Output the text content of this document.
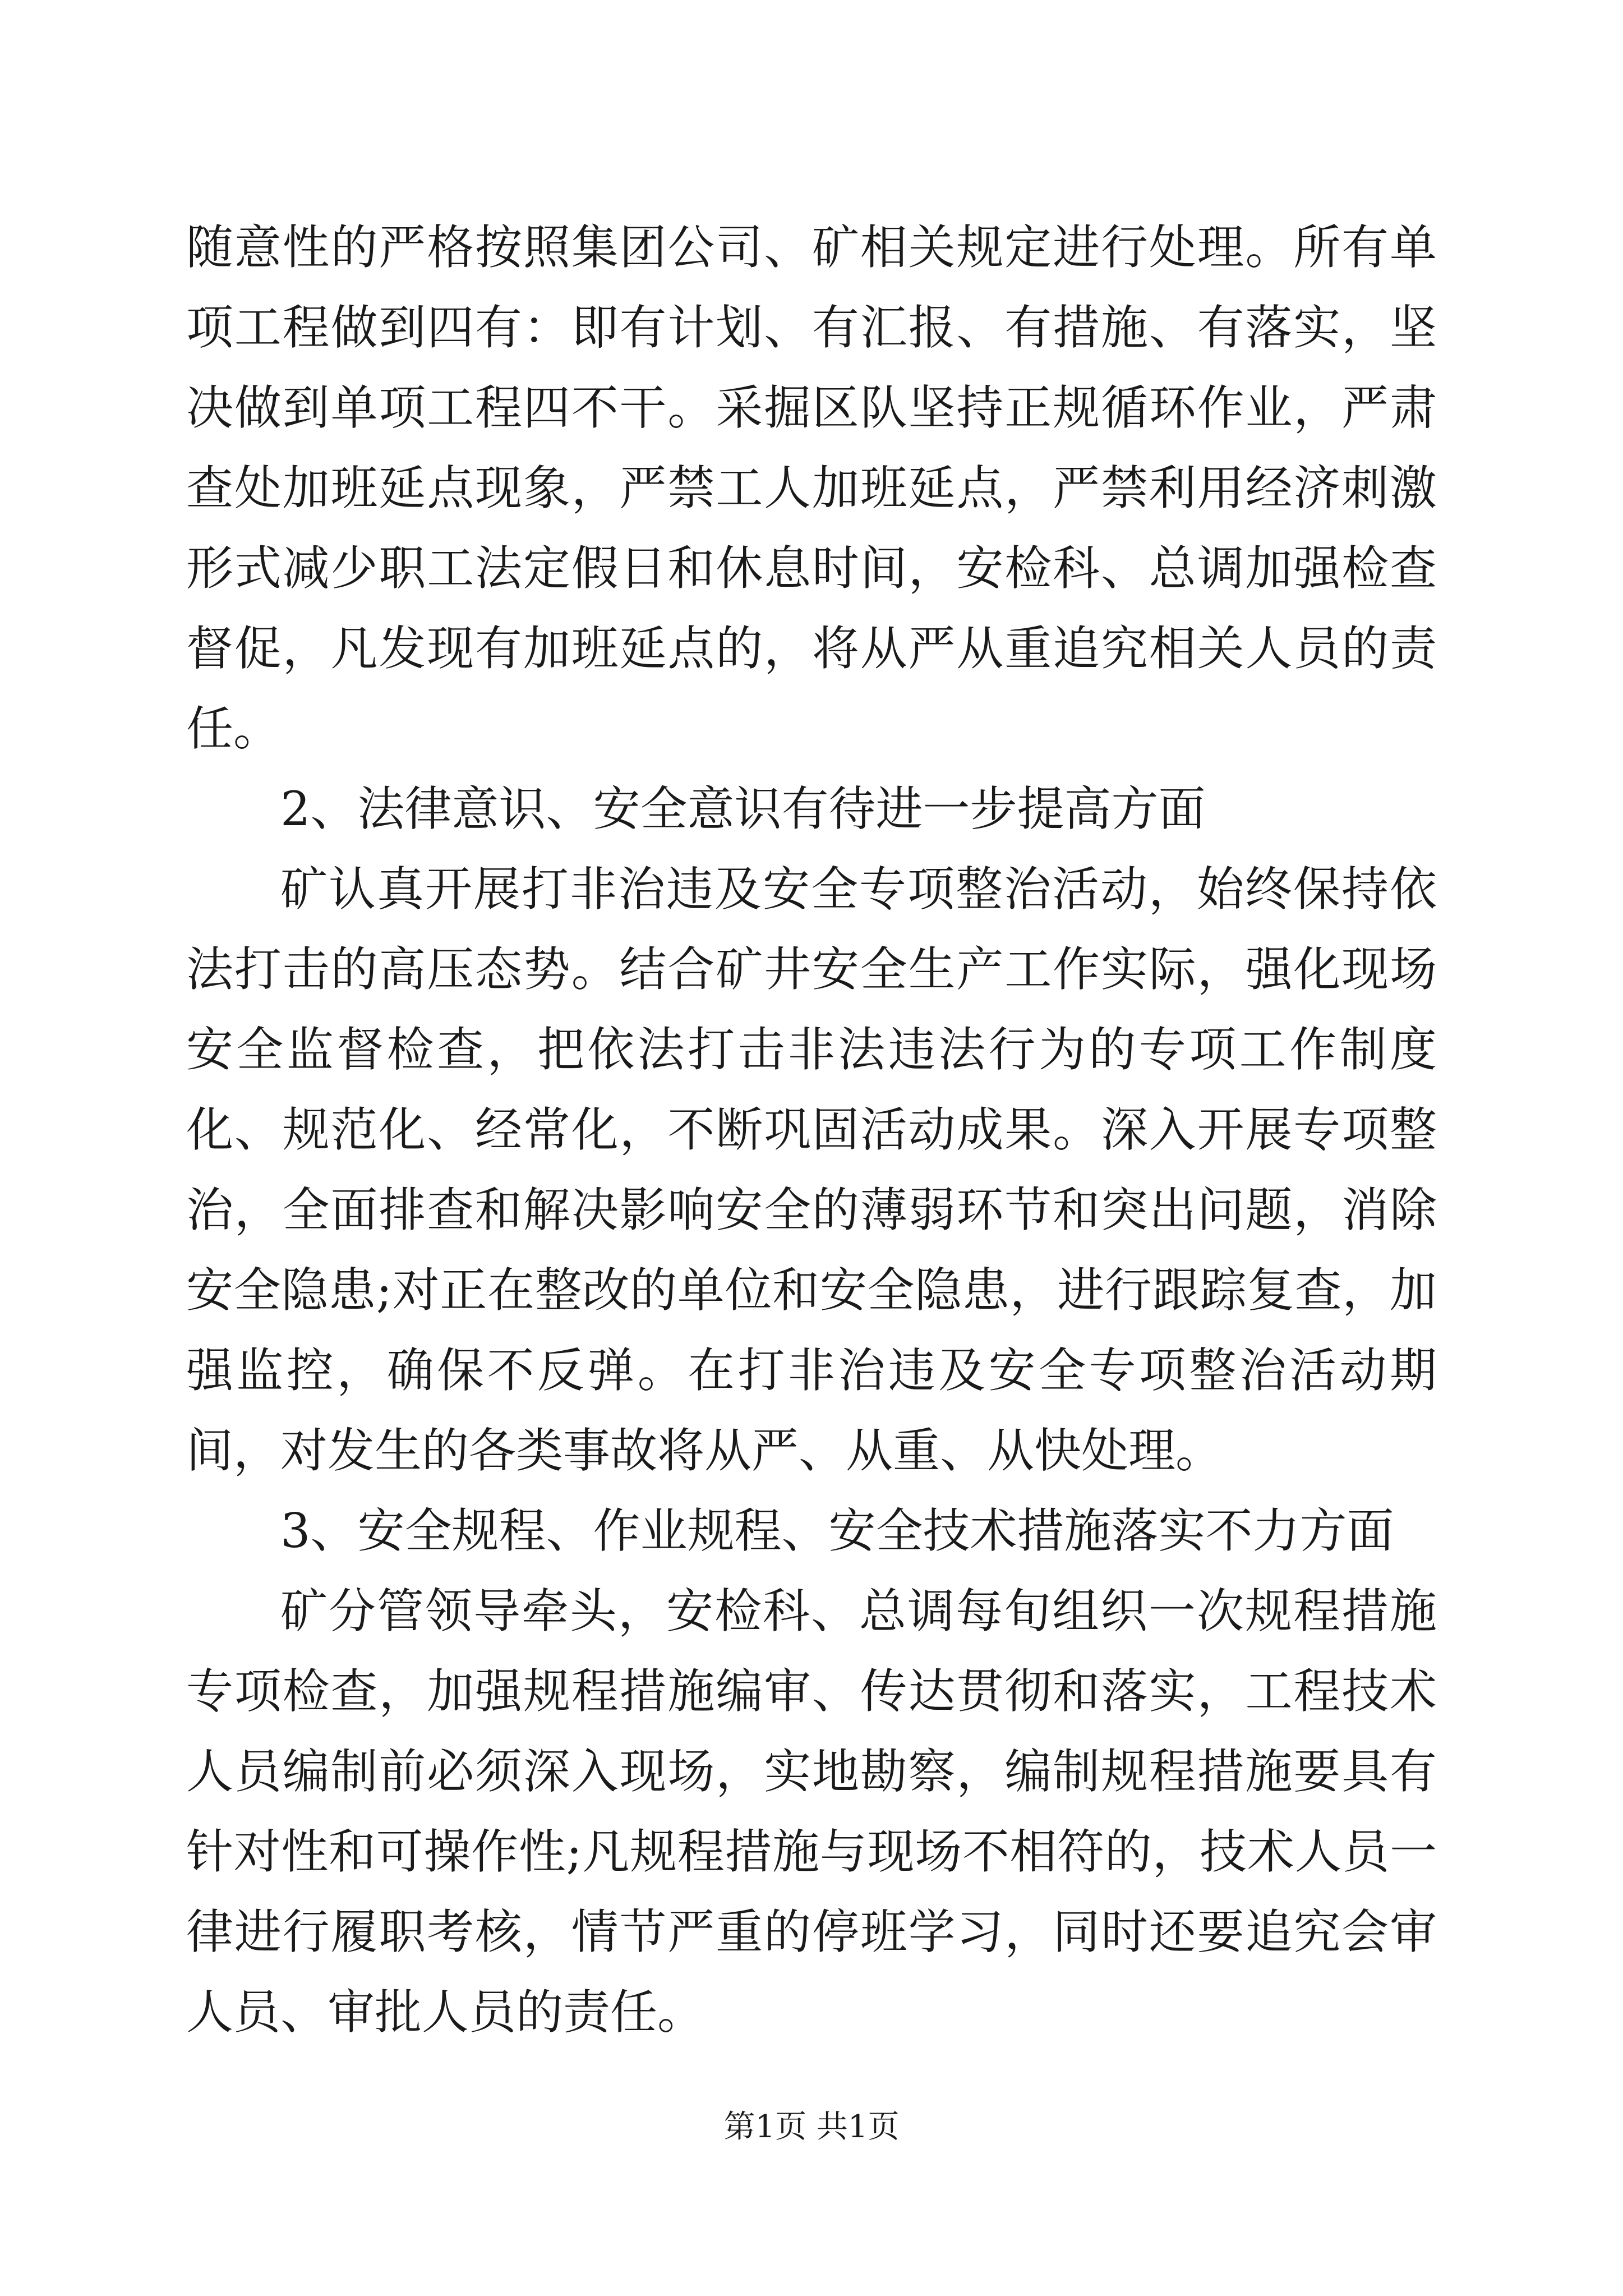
随意性的严格按照集团公司、矿相关规定进行处理。所有单项工程做到四有：即有计划、有汇报、有措施、有落实，坚决做到单项工程四不干。采掘区队坚持正规循环作业，严肃查处加班延点现象，严禁工人加班延点，严禁利用经济刺激形式减少职工法定假日和休息时间，安检科、总调加强检查督促，凡发现有加班延点的，将从严从重追究相关人员的责任。

2、法律意识、安全意识有待进一步提高方面

矿认真开展打非治违及安全专项整治活动，始终保持依法打击的高压态势。结合矿井安全生产工作实际，强化现场安全监督检查，把依法打击非法违法行为的专项工作制度化、规范化、经常化，不断巩固活动成果。深入开展专项整治，全面排查和解决影响安全的薄弱环节和突出问题，消除安全隐患;对正在整改的单位和安全隐患，进行跟踪复查，加强监控，确保不反弹。在打非治违及安全专项整治活动期间，对发生的各类事故将从严、从重、从快处理。

3、安全规程、作业规程、安全技术措施落实不力方面

矿分管领导牵头，安检科、总调每旬组织一次规程措施专项检查，加强规程措施编审、传达贯彻和落实，工程技术人员编制前必须深入现场，实地勘察，编制规程措施要具有针对性和可操作性;凡规程措施与现场不相符的，技术人员一律进行履职考核，情节严重的停班学习，同时还要追究会审人员、审批人员的责任。

第1页 共1页
